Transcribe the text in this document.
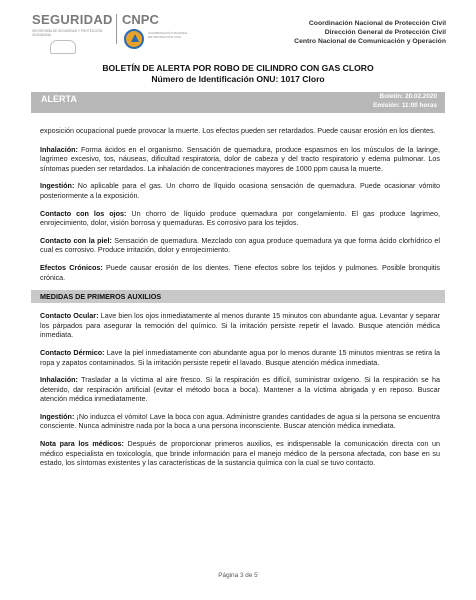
SEGURIDAD
SECRETARÍA DE SEGURIDAD Y PROTECCIÓN CIUDADANA
CNPC
COORDINACIÓN NACIONAL DE PROTECCIÓN CIVIL
Coordinación Nacional de Protección Civil
Dirección General de Protección Civil
Centro Nacional de Comunicación y Operación
BOLETÍN DE ALERTA POR ROBO DE CILINDRO CON GAS CLORO
Número de Identificación ONU: 1017 Cloro
ALERTA	Boletín: 20.02.2020
Emisión: 11:00 horas

exposición ocupacional puede provocar la muerte. Los efectos pueden ser retardados. Puede causar erosión en los dientes.

Inhalación: Forma ácidos en el organismo. Sensación de quemadura, produce espasmos en los músculos de la laringe, lagrimeo excesivo, tos, náuseas, dificultad respiratoria, dolor de cabeza y del tracto respiratorio y edema pulmonar. Los síntomas pueden ser retardados. La inhalación de concentraciones mayores de 1000 ppm causa la muerte.

Ingestión: No aplicable para el gas. Un chorro de líquido ocasiona sensación de quemadura. Puede ocasionar vómito posteriormente a la exposición.

Contacto con los ojos: Un chorro de líquido produce quemadura por congelamiento. El gas produce lagrimeo, enrojecimiento, dolor, visión borrosa y quemaduras. Es corrosivo para los tejidos.

Contacto con la piel: Sensación de quemadura. Mezclado con agua produce quemadura ya que forma ácido clorhídrico el cual es corrosivo. Produce irritación, dolor y enrojecimiento.

Efectos Crónicos: Puede causar erosión de los dientes. Tiene efectos sobre los tejidos y pulmones. Posible bronquitis crónica.

MEDIDAS DE PRIMEROS AUXILIOS

Contacto Ocular: Lave bien los ojos inmediatamente al menos durante 15 minutos con abundante agua. Levantar y separar los párpados para asegurar la remoción del químico. Si la irritación persiste repetir el lavado. Busque atención médica inmediata.

Contacto Dérmico: Lave la piel inmediatamente con abundante agua por lo menos durante 15 minutos mientras se retira la ropa y zapatos contaminados. Si la irritación persiste repetir el lavado. Busque atención médica inmediata.

Inhalación: Trasladar a la víctima al aire fresco. Si la respiración es difícil, suministrar oxígeno. Si la respiración se ha detenido, dar respiración artificial (evitar el método boca a boca). Mantener a la víctima abrigada y en reposo. Buscar atención médica inmediatamente.

Ingestión: ¡No induzca el vómito! Lave la boca con agua. Administre grandes cantidades de agua si la persona se encuentra consciente. Nunca administre nada por la boca a una persona inconsciente. Buscar atención médica inmediata.

Nota para los médicos: Después de proporcionar primeros auxilios, es indispensable la comunicación directa con un médico especialista en toxicología, que brinde información para el manejo médico de la persona afectada, con base en su estado, los síntomas existentes y las características de la sustancia química con la cual se tuvo contacto.

Página 3 de 5
